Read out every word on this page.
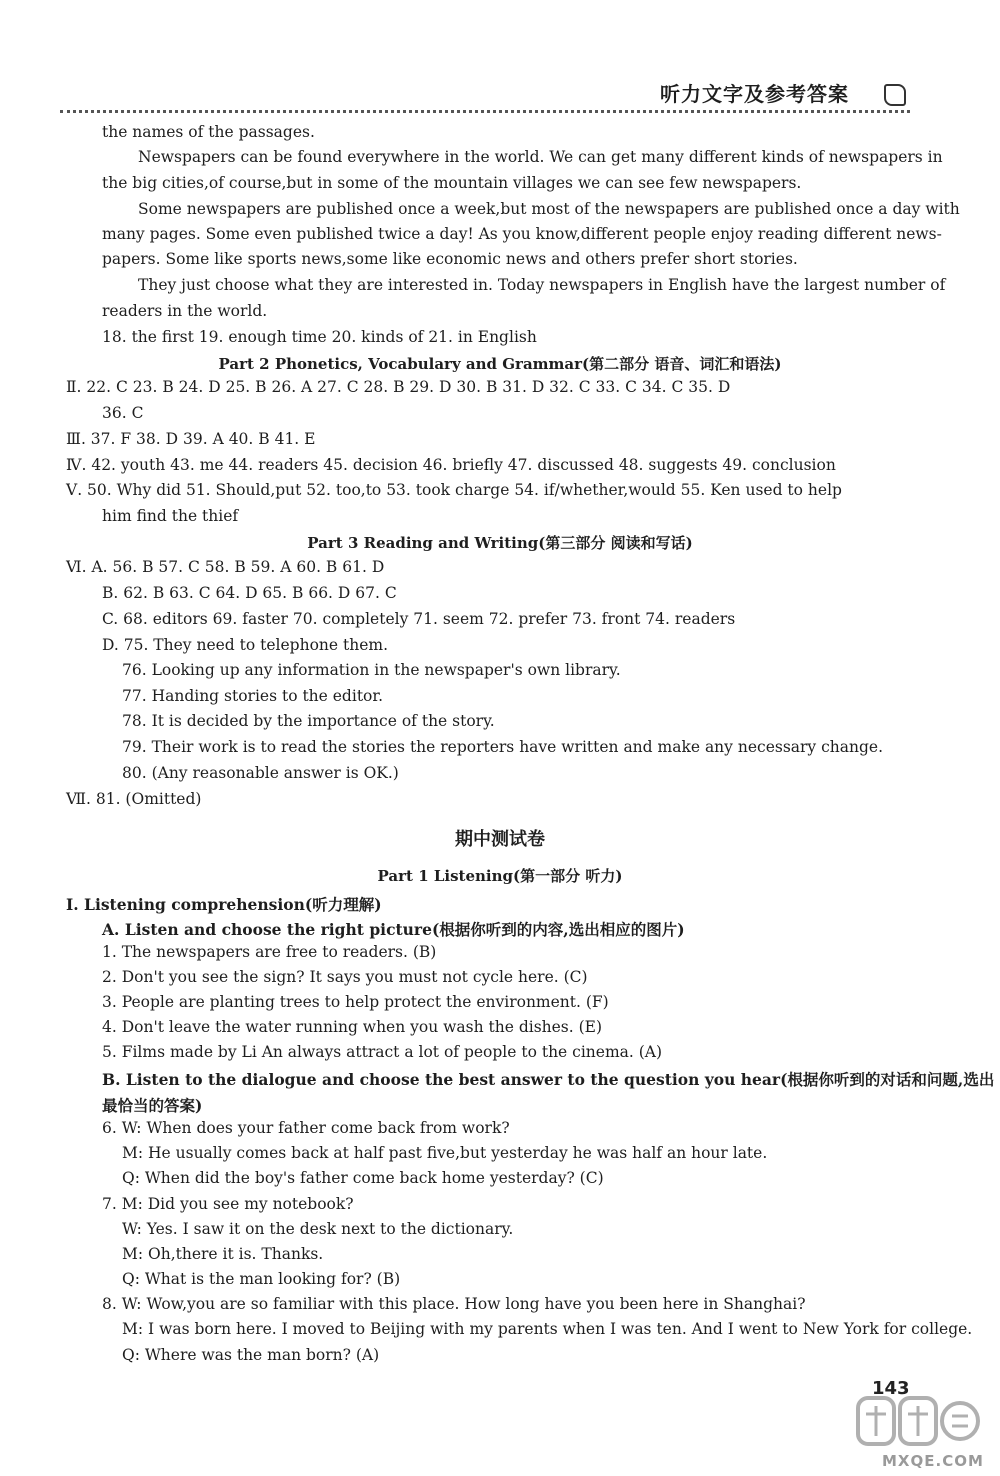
听力文字及参考答案
the names of the passages.
Newspapers can be found everywhere in the world. We can get many different kinds of newspapers in
the big cities,of course,but in some of the mountain villages we can see few newspapers.
Some newspapers are published once a week,but most of the newspapers are published once a day with
many pages. Some even published twice a day! As you know,different people enjoy reading different news-
papers. Some like sports news,some like economic news and others prefer short stories.
They just choose what they are interested in. Today newspapers in English have the largest number of
readers in the world.
18. the first 19. enough time 20. kinds of 21. in English
Ⅱ. 22. C 23. B 24. D 25. B 26. A 27. C 28. B 29. D 30. B 31. D 32. C 33. C 34. C 35. D
36. C
Ⅲ. 37. F 38. D 39. A 40. B 41. E
Ⅳ. 42. youth 43. me 44. readers 45. decision 46. briefly 47. discussed 48. suggests 49. conclusion
Ⅴ. 50. Why did 51. Should,put 52. too,to 53. took charge 54. if/whether,would 55. Ken used to help
him find the thief
Ⅵ. A. 56. B 57. C 58. B 59. A 60. B 61. D
B. 62. B 63. C 64. D 65. B 66. D 67. C
C. 68. editors 69. faster 70. completely 71. seem 72. prefer 73. front 74. readers
D. 75. They need to telephone them.
76. Looking up any information in the newspaper's own library.
77. Handing stories to the editor.
78. It is decided by the importance of the story.
79. Their work is to read the stories the reporters have written and make any necessary change.
80. (Any reasonable answer is OK.)
Ⅶ. 81. (Omitted)
Ⅰ. Listening comprehension(听力理解)
A. Listen and choose the right picture(根据你听到的内容,选出相应的图片)
1. The newspapers are free to readers. (B)
2. Don't you see the sign? It says you must not cycle here. (C)
3. People are planting trees to help protect the environment. (F)
4. Don't leave the water running when you wash the dishes. (E)
5. Films made by Li An always attract a lot of people to the cinema. (A)
B. Listen to the dialogue and choose the best answer to the question you hear(根据你听到的对话和问题,选出
最恰当的答案)
6. W: When does your father come back from work?
M: He usually comes back at half past five,but yesterday he was half an hour late.
Q: When did the boy's father come back home yesterday? (C)
7. M: Did you see my notebook?
W: Yes. I saw it on the desk next to the dictionary.
M: Oh,there it is. Thanks.
Q: What is the man looking for? (B)
8. W: Wow,you are so familiar with this place. How long have you been here in Shanghai?
M: I was born here. I moved to Beijing with my parents when I was ten. And I went to New York for college.
Q: Where was the man born? (A)
Part 2 Phonetics, Vocabulary and Grammar(第二部分 语音、词汇和语法)
Part 3 Reading and Writing(第三部分 阅读和写话)
期中测试卷
Part 1 Listening(第一部分 听力)
143
MXQE.COM
